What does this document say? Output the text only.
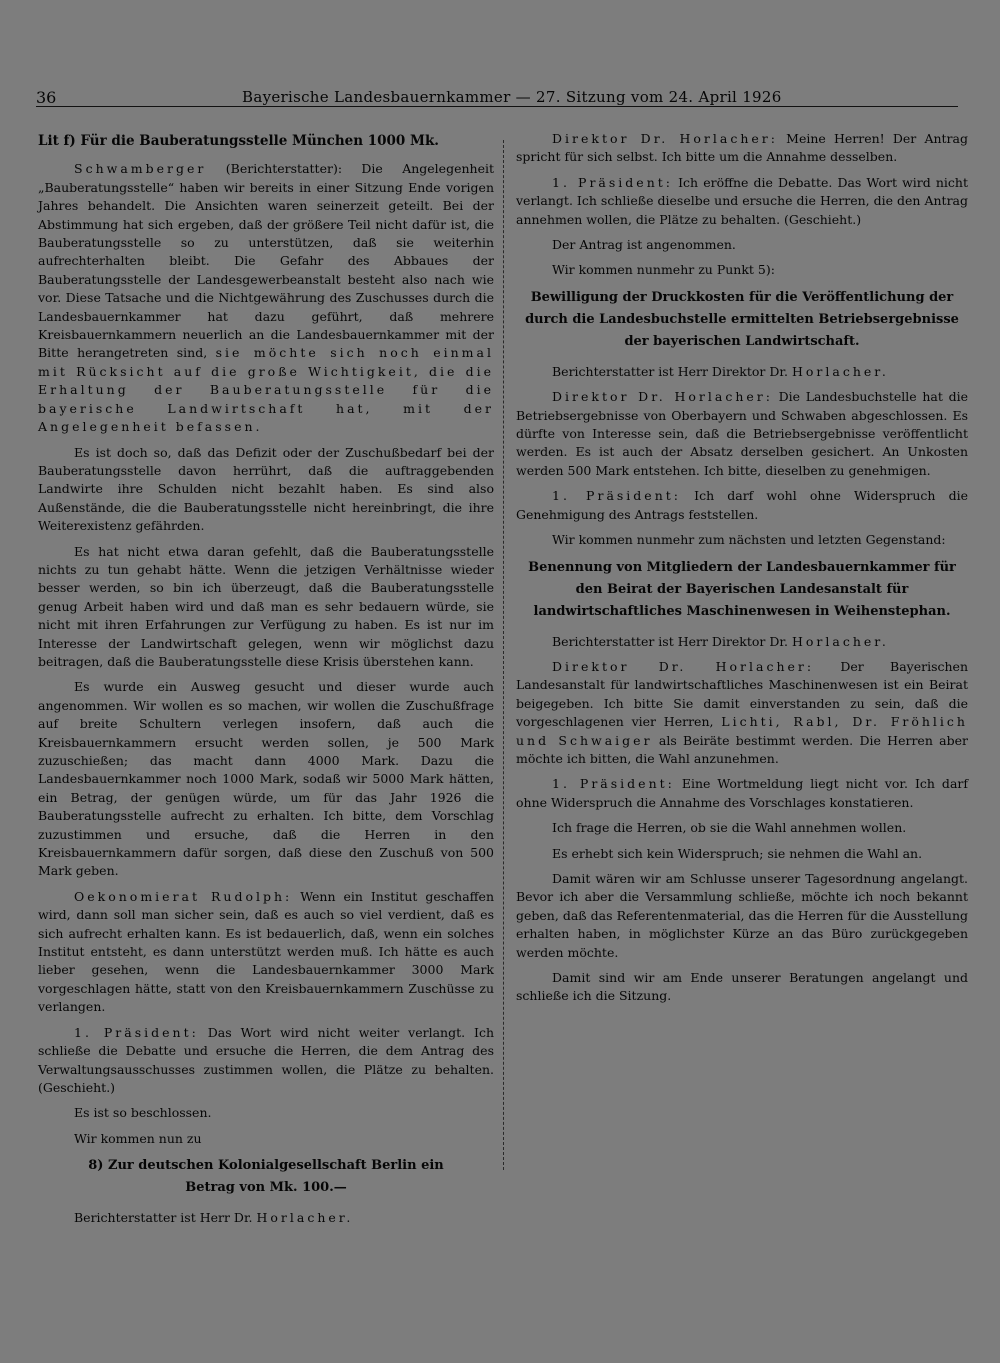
36	Bayerische Landesbauernkammer — 27. Sitzung vom 24. April 1926

Lit f) Für die Bauberatungsstelle München 1000 Mk.

Schwamberger (Berichterstatter): Die Angelegenheit „Bauberatungsstelle“ haben wir bereits in einer Sitzung Ende vorigen Jahres behandelt. Die Ansichten waren seinerzeit geteilt. Bei der Abstimmung hat sich ergeben, daß der größere Teil nicht dafür ist, die Bauberatungsstelle so zu unterstützen, daß sie weiterhin aufrechterhalten bleibt. Die Gefahr des Abbaues der Bauberatungsstelle der Landesgewerbeanstalt besteht also nach wie vor. Diese Tatsache und die Nichtgewährung des Zuschusses durch die Landesbauernkammer hat dazu geführt, daß mehrere Kreisbauernkammern neuerlich an die Landesbauernkammer mit der Bitte herangetreten sind, sie möchte sich noch einmal mit Rücksicht auf die große Wichtigkeit, die die Erhaltung der Bauberatungsstelle für die bayerische Landwirtschaft hat, mit der Angelegenheit befassen.

Es ist doch so, daß das Defizit oder der Zuschußbedarf bei der Bauberatungsstelle davon herrührt, daß die auftraggebenden Landwirte ihre Schulden nicht bezahlt haben. Es sind also Außenstände, die die Bauberatungsstelle nicht hereinbringt, die ihre Weiterexistenz gefährden.

Es hat nicht etwa daran gefehlt, daß die Bauberatungsstelle nichts zu tun gehabt hätte. Wenn die jetzigen Verhältnisse wieder besser werden, so bin ich überzeugt, daß die Bauberatungsstelle genug Arbeit haben wird und daß man es sehr bedauern würde, sie nicht mit ihren Erfahrungen zur Verfügung zu haben. Es ist nur im Interesse der Landwirtschaft gelegen, wenn wir möglichst dazu beitragen, daß die Bauberatungsstelle diese Krisis überstehen kann.

Es wurde ein Ausweg gesucht und dieser wurde auch angenommen. Wir wollen es so machen, wir wollen die Zuschußfrage auf breite Schultern verlegen insofern, daß auch die Kreisbauernkammern ersucht werden sollen, je 500 Mark zuzuschießen; das macht dann 4000 Mark. Dazu die Landesbauernkammer noch 1000 Mark, sodaß wir 5000 Mark hätten, ein Betrag, der genügen würde, um für das Jahr 1926 die Bauberatungsstelle aufrecht zu erhalten. Ich bitte, dem Vorschlag zuzustimmen und ersuche, daß die Herren in den Kreisbauernkammern dafür sorgen, daß diese den Zuschuß von 500 Mark geben.

Oekonomierat Rudolph: Wenn ein Institut geschaffen wird, dann soll man sicher sein, daß es auch so viel verdient, daß es sich aufrecht erhalten kann. Es ist bedauerlich, daß, wenn ein solches Institut entsteht, es dann unterstützt werden muß. Ich hätte es auch lieber gesehen, wenn die Landesbauernkammer 3000 Mark vorgeschlagen hätte, statt von den Kreisbauernkammern Zuschüsse zu verlangen.

1. Präsident: Das Wort wird nicht weiter verlangt. Ich schließe die Debatte und ersuche die Herren, die dem Antrag des Verwaltungsausschusses zustimmen wollen, die Plätze zu behalten. (Geschieht.)

Es ist so beschlossen.

Wir kommen nun zu

8) Zur deutschen Kolonialgesellschaft Berlin ein
Betrag von Mk. 100.—

Berichterstatter ist Herr Dr. Horlacher.

Direktor Dr. Horlacher: Meine Herren! Der Antrag spricht für sich selbst. Ich bitte um die Annahme desselben.

1. Präsident: Ich eröffne die Debatte. Das Wort wird nicht verlangt. Ich schließe dieselbe und ersuche die Herren, die den Antrag annehmen wollen, die Plätze zu behalten. (Geschieht.)

Der Antrag ist angenommen.

Wir kommen nunmehr zu Punkt 5):

Bewilligung der Druckkosten für die Veröffentlichung der durch die Landesbuchstelle ermittelten Betriebsergebnisse der bayerischen Landwirtschaft.

Berichterstatter ist Herr Direktor Dr. Horlacher.

Direktor Dr. Horlacher: Die Landesbuchstelle hat die Betriebsergebnisse von Oberbayern und Schwaben abgeschlossen. Es dürfte von Interesse sein, daß die Betriebsergebnisse veröffentlicht werden. Es ist auch der Absatz derselben gesichert. An Unkosten werden 500 Mark entstehen. Ich bitte, dieselben zu genehmigen.

1. Präsident: Ich darf wohl ohne Widerspruch die Genehmigung des Antrags feststellen.

Wir kommen nunmehr zum nächsten und letzten Gegenstand:

Benennung von Mitgliedern der Landesbauernkammer für den Beirat der Bayerischen Landesanstalt für landwirtschaftliches Maschinenwesen in Weihenstephan.

Berichterstatter ist Herr Direktor Dr. Horlacher.

Direktor Dr. Horlacher: Der Bayerischen Landesanstalt für landwirtschaftliches Maschinenwesen ist ein Beirat beigegeben. Ich bitte Sie damit einverstanden zu sein, daß die vorgeschlagenen vier Herren, Lichti, Rabl, Dr. Fröhlich und Schwaiger als Beiräte bestimmt werden. Die Herren aber möchte ich bitten, die Wahl anzunehmen.

1. Präsident: Eine Wortmeldung liegt nicht vor. Ich darf ohne Widerspruch die Annahme des Vorschlages konstatieren.

Ich frage die Herren, ob sie die Wahl annehmen wollen.

Es erhebt sich kein Widerspruch; sie nehmen die Wahl an.

Damit wären wir am Schlusse unserer Tagesordnung angelangt. Bevor ich aber die Versammlung schließe, möchte ich noch bekannt geben, daß das Referentenmaterial, das die Herren für die Ausstellung erhalten haben, in möglichster Kürze an das Büro zurückgegeben werden möchte.

Damit sind wir am Ende unserer Beratungen angelangt und schließe ich die Sitzung.
